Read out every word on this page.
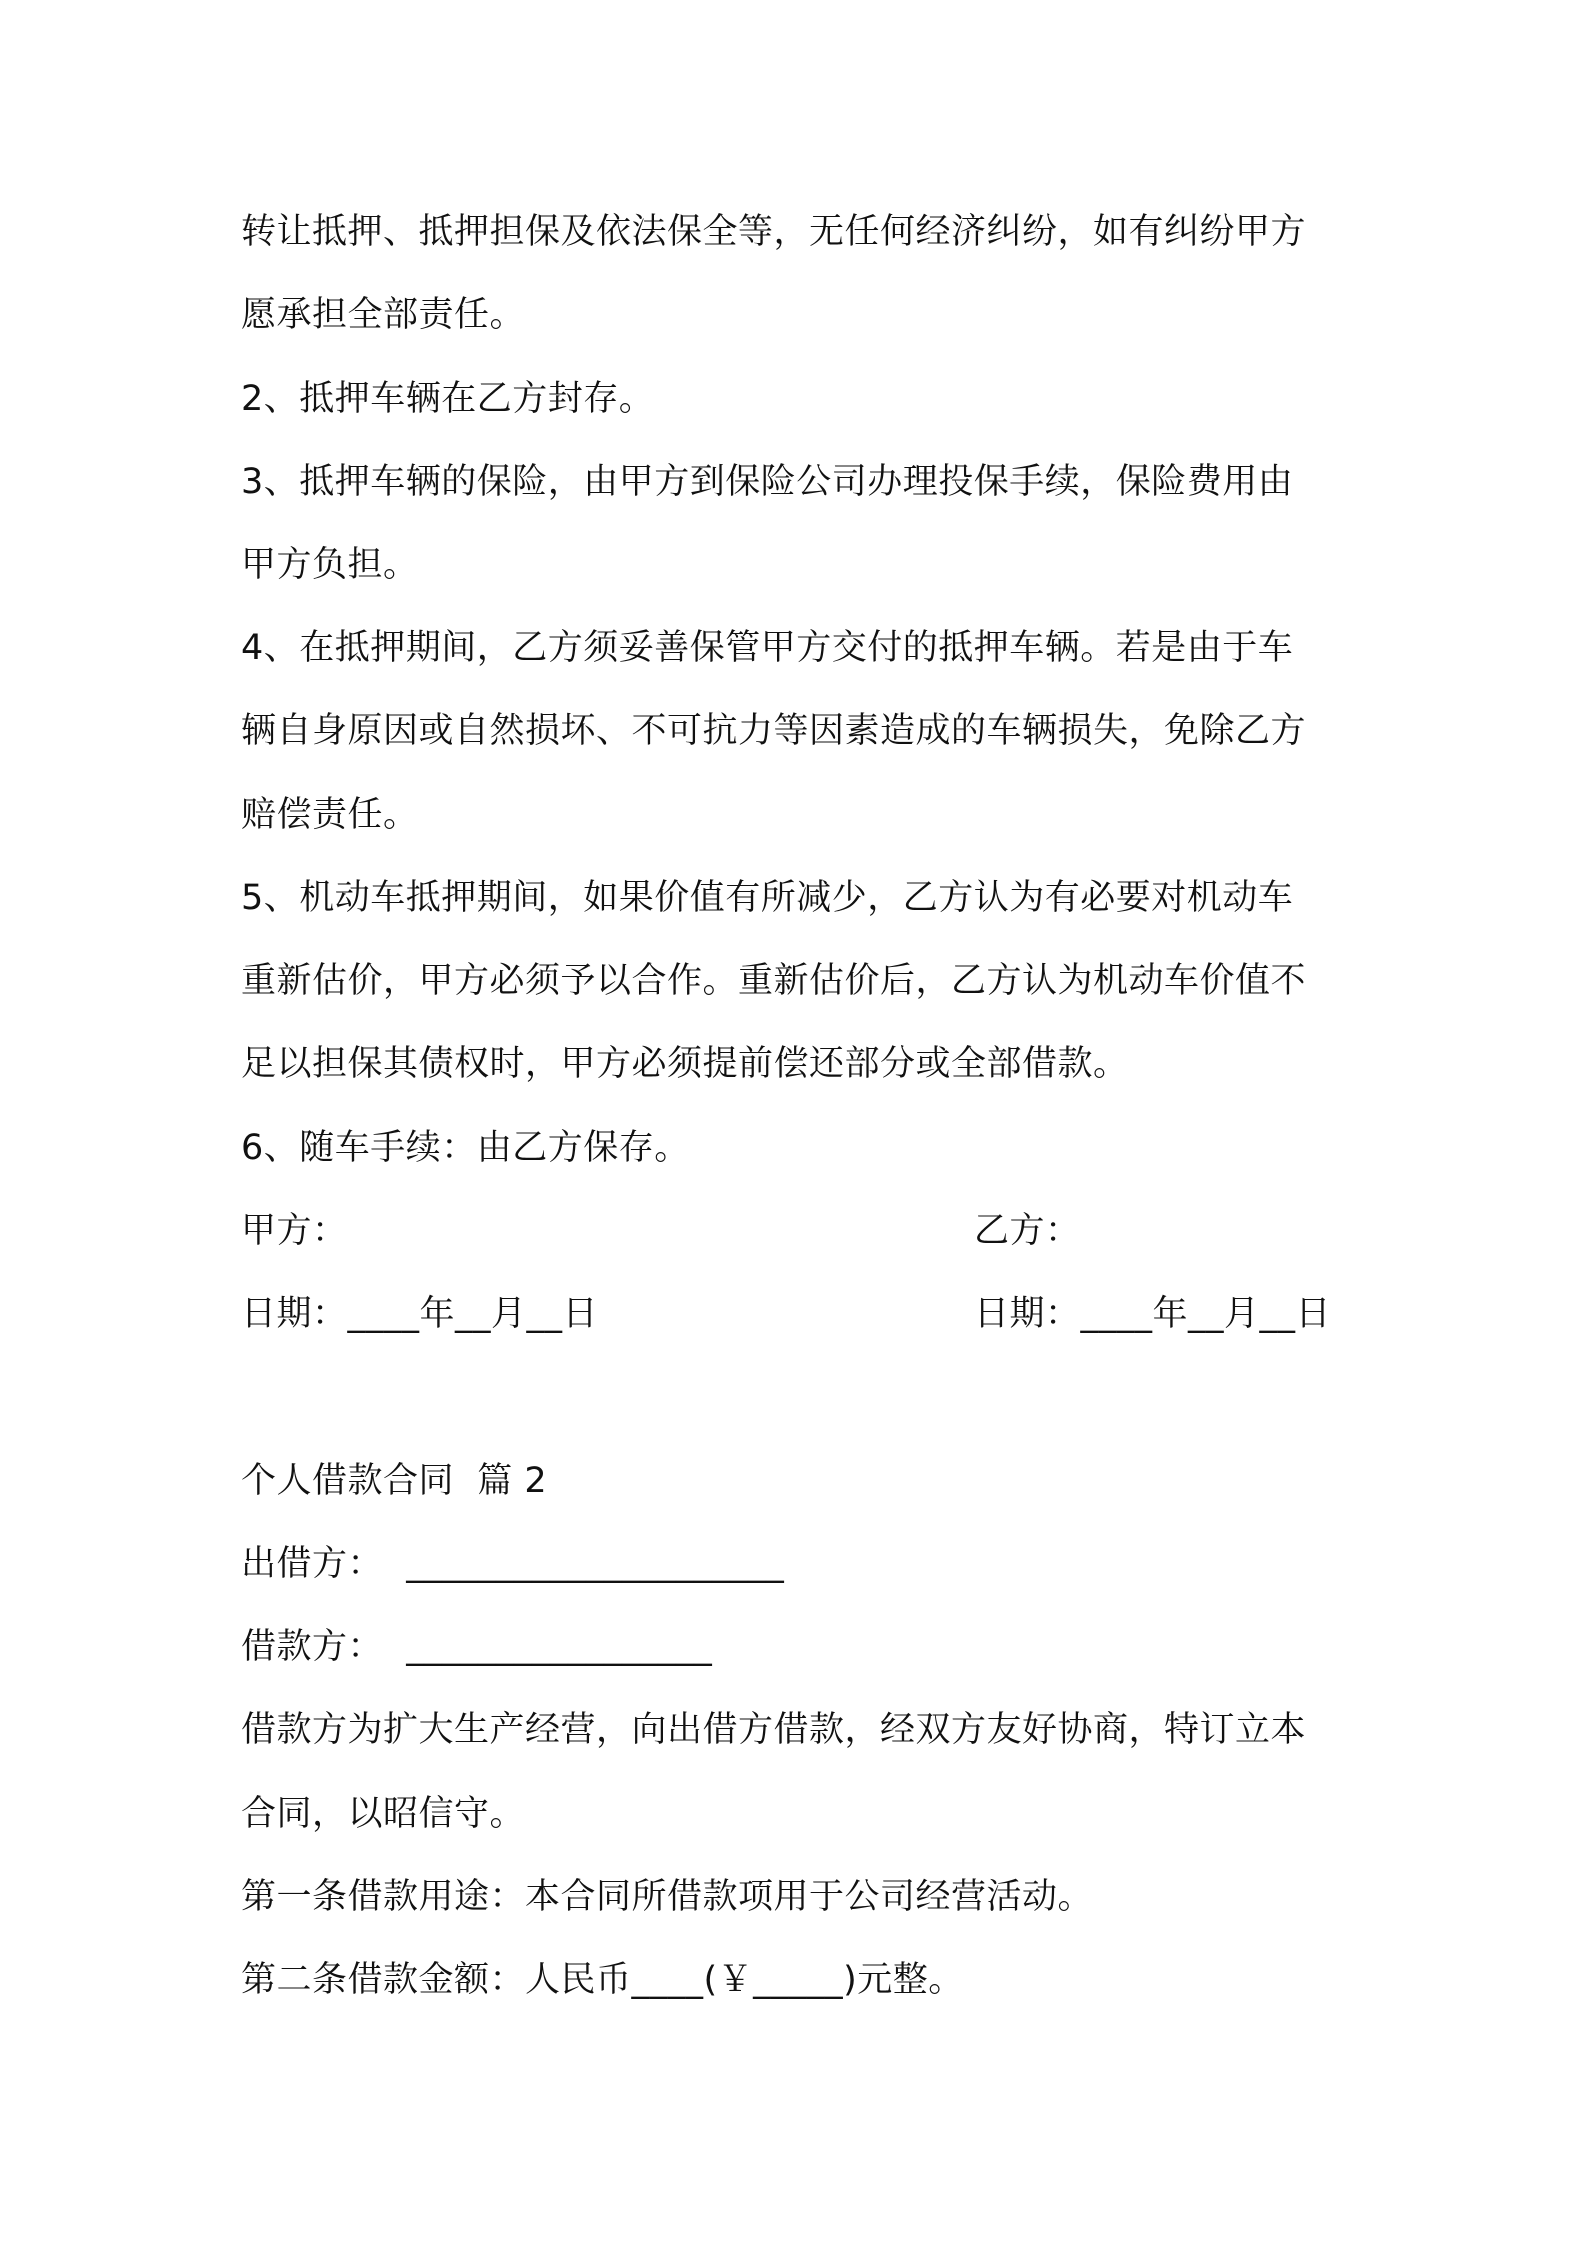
转让抵押、抵押担保及依法保全等，无任何经济纠纷，如有纠纷甲方
愿承担全部责任。
2、抵押车辆在乙方封存。
3、抵押车辆的保险，由甲方到保险公司办理投保手续，保险费用由
甲方负担。
4、在抵押期间，乙方须妥善保管甲方交付的抵押车辆。若是由于车
辆自身原因或自然损坏、不可抗力等因素造成的车辆损失，免除乙方
赔偿责任。
5、机动车抵押期间，如果价值有所减少，乙方认为有必要对机动车
重新估价，甲方必须予以合作。重新估价后，乙方认为机动车价值不
足以担保其债权时，甲方必须提前偿还部分或全部借款。
6、随车手续：由乙方保存。
甲方：	乙方：
日期：____年__月__日	日期：____年__月__日
个人借款合同  篇 2
出借方：  _____________________
借款方：  _________________
借款方为扩大生产经营，向出借方借款，经双方友好协商，特订立本
合同，以昭信守。
第一条借款用途：本合同所借款项用于公司经营活动。
第二条借款金额：人民币____(￥_____)元整。
